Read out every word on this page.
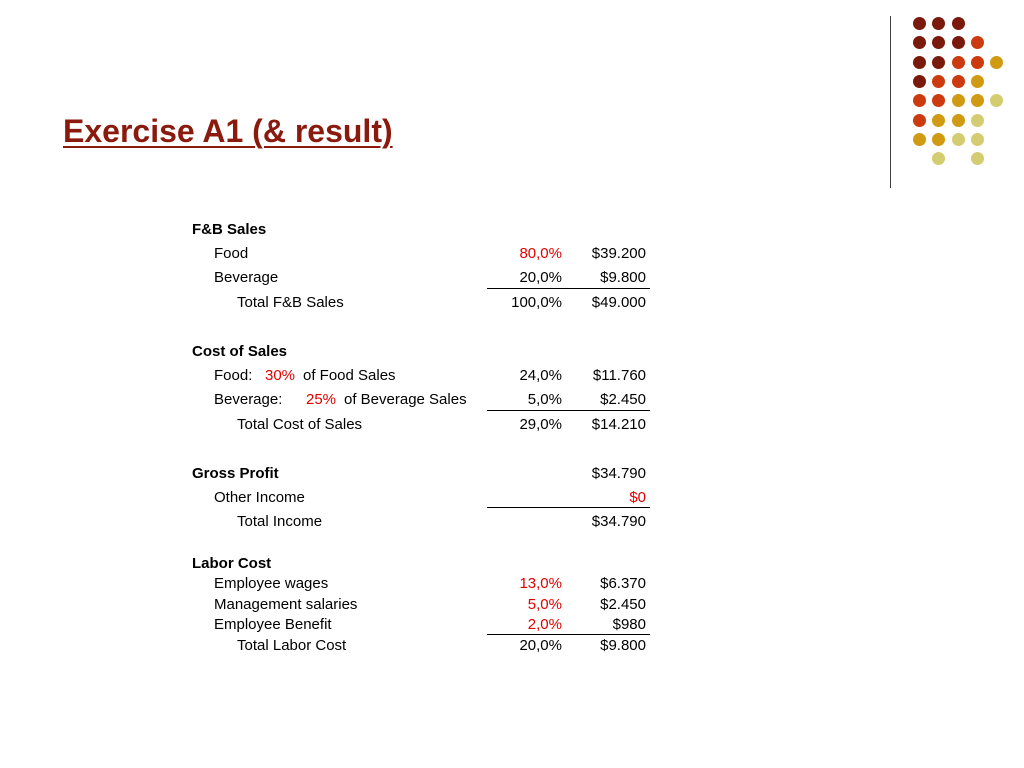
Exercise A1 (& result)
F&B Sales
Food	80,0% $39.200
Beverage	20,0%	$9.800
Total F&B Sales	100,0% $49.000
Cost of Sales
Food: 30% of Food Sales	24,0% $11.760
Beverage: 25% of Beverage Sales	5,0%	$2.450
Total Cost of Sales	29,0% $14.210
Gross Profit	$34.790
Other Income	$0
Total Income	$34.790
Labor Cost
Employee wages	13,0%	$6.370
Management salaries	5,0%	$2.450
Employee Benefit	2,0%	$980
Total Labor Cost	20,0%	$9.800
